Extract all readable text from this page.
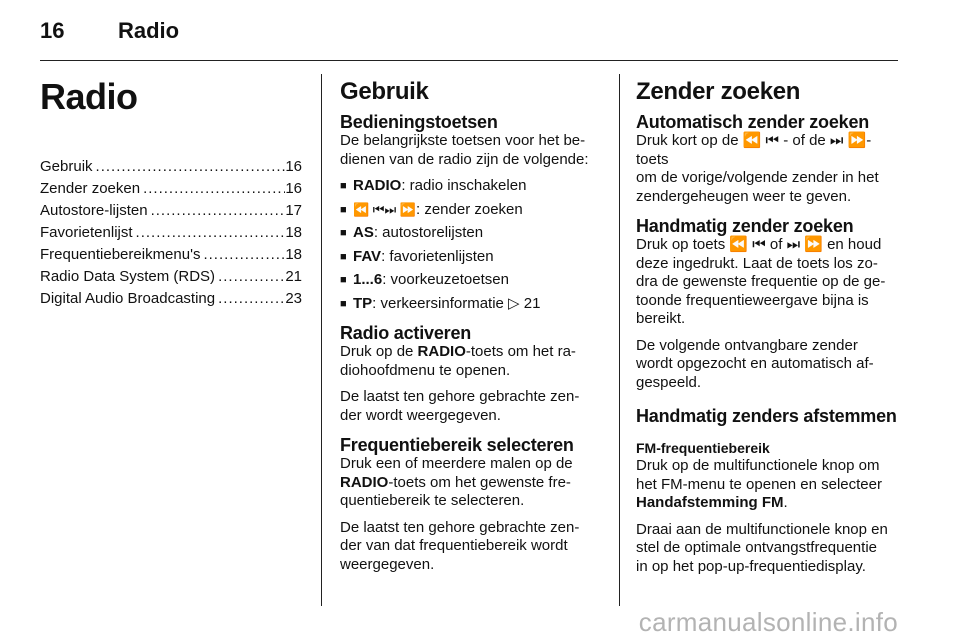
16 Radio
Radio
Gebruik .....	16
Zender zoeken .....	16
Autostore-lijsten .....	17
Favorietenlijst .....	18
Frequentiebereikmenu's .....	18
Radio Data System (RDS) .....	21
Digital Audio Broadcasting .....	23
Gebruik
Bedieningstoetsen

De belangrijkste toetsen voor het be-
dienen van de radio zijn de volgende:

■ RADIO: radio inschakelen
■ ⏪ ⏮⏭ ⏩: zender zoeken
■ AS: autostorelijsten
■ FAV: favorietenlijsten
■ 1...6: voorkeuzetoetsen
■ TP: verkeersinformatie ▷ 21
Radio activeren

Druk op de RADIO-toets om het ra-
diohoofdmenu te openen.

De laatst ten gehore gebrachte zen-
der wordt weergegeven.

Frequentiebereik selecteren

Druk een of meerdere malen op de
RADIO-toets om het gewenste fre-
quentiebereik te selecteren.

De laatst ten gehore gebrachte zen-
der van dat frequentiebereik wordt
weergegeven.

Zender zoeken
Automatisch zender zoeken

Druk kort op de ⏪ ⏮ - of de ⏭ ⏩-toets
om de vorige/volgende zender in het
zendergeheugen weer te geven.

Handmatig zender zoeken

Druk op toets ⏪ ⏮ of ⏭ ⏩ en houd
deze ingedrukt. Laat de toets los zo-
dra de gewenste frequentie op de ge-
toonde frequentieweergave bijna is
bereikt.

De volgende ontvangbare zender
wordt opgezocht en automatisch af-
gespeeld.

Handmatig zenders afstemmen
FM-frequentiebereik

Druk op de multifunctionele knop om
het FM-menu te openen en selecteer
Handafstemming FM.

Draai aan de multifunctionele knop en
stel de optimale ontvangstfrequentie
in op het pop-up-frequentiedisplay.

carmanualsonline.info
